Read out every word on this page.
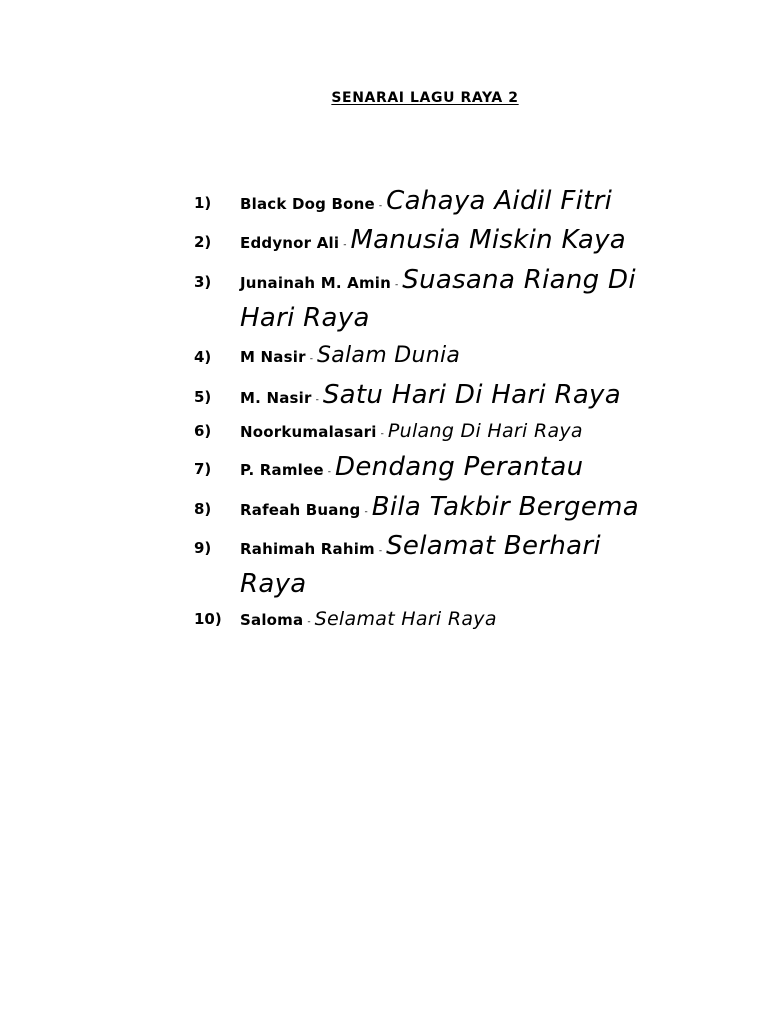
SENARAI LAGU RAYA 2
1) Black Dog Bone - Cahaya Aidil Fitri
2) Eddynor Ali - Manusia Miskin Kaya
3) Junainah M. Amin - Suasana Riang Di
Hari Raya
4) M Nasir - Salam Dunia
5) M. Nasir - Satu Hari Di Hari Raya
6) Noorkumalasari - Pulang Di Hari Raya
7) P. Ramlee - Dendang Perantau
8) Rafeah Buang - Bila Takbir Bergema
9) Rahimah Rahim - Selamat Berhari
Raya
10) Saloma - Selamat Hari Raya
